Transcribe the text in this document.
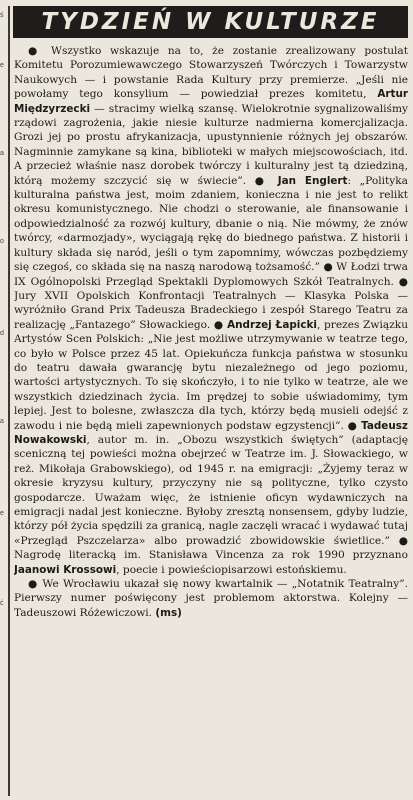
ś
e
a
o
d
a
e
ć
TYDZIEŃ W KULTURZE

● Wszystko wskazuje na to, że zostanie zrealizowany postulat Komitetu Porozumiewawczego Stowarzyszeń Twórczych i Towarzystw Naukowych — i powstanie Rada Kultury przy premierze. „Jeśli nie powołamy tego konsylium — powiedział prezes komitetu, Artur Międzyrzecki — stracimy wielką szansę. Wielokrotnie sygnalizowaliśmy rządowi zagrożenia, jakie niesie kulturze nadmierna komercjalizacja. Grozi jej po prostu afrykanizacja, upustynnienie różnych jej obszarów. Nagminnie zamykane są kina, biblioteki w małych miejscowościach, itd. A przecież właśnie nasz dorobek twórczy i kulturalny jest tą dziedziną, którą możemy szczycić się w świecie”. ● Jan Englert: „Polityka kulturalna państwa jest, moim zdaniem, konieczna i nie jest to relikt okresu komunistycznego. Nie chodzi o sterowanie, ale finansowanie i odpowiedzialność za rozwój kultury, dbanie o nią. Nie mówmy, że znów twórcy, «darmozjady», wyciągają rękę do biednego państwa. Z historii i kultury składa się naród, jeśli o tym zapomnimy, wówczas pozbędziemy się czegoś, co składa się na naszą narodową tożsamość.” ● W Łodzi trwa IX Ogólnopolski Przegląd Spektakli Dyplomowych Szkół Teatralnych. ● Jury XVII Opolskich Konfrontacji Teatralnych — Klasyka Polska — wyróżniło Grand Prix Tadeusza Bradeckiego i zespół Starego Teatru za realizację „Fantazego” Słowackiego. ● Andrzej Łapicki, prezes Związku Artystów Scen Polskich: „Nie jest możliwe utrzymywanie w teatrze tego, co było w Polsce przez 45 lat. Opiekuńcza funkcja państwa w stosunku do teatru dawała gwarancję bytu niezależnego od jego poziomu, wartości artystycznych. To się skończyło, i to nie tylko w teatrze, ale we wszystkich dziedzinach życia. Im prędzej to sobie uświadomimy, tym lepiej. Jest to bolesne, zwłaszcza dla tych, którzy będą musieli odejść z zawodu i nie będą mieli zapewnionych podstaw egzystencji”. ● Tadeusz Nowakowski, autor m. in. „Obozu wszystkich świętych” (adaptację sceniczną tej powieści można obejrzeć w Teatrze im. J. Słowackiego, w reż. Mikołaja Grabowskiego), od 1945 r. na emigracji: „Żyjemy teraz w okresie kryzysu kultury, przyczyny nie są polityczne, tylko czysto gospodarcze. Uważam więc, że istnienie oficyn wydawniczych na emigracji nadal jest konieczne. Byłoby zresztą nonsensem, gdyby ludzie, którzy pół życia spędzili za granicą, nagle zaczęli wracać i wydawać tutaj «Przegląd Pszczelarza» albo prowadzić zbowidowskie świetlice.” ● Nagrodę literacką im. Stanisława Vincenza za rok 1990 przyznano Jaanowi Krossowi, poecie i powieściopisarzowi estońskiemu.

● We Wrocławiu ukazał się nowy kwartalnik — „Notatnik Teatralny”. Pierwszy numer poświęcony jest problemom aktorstwa. Kolejny — Tadeuszowi Różewiczowi. (ms)
